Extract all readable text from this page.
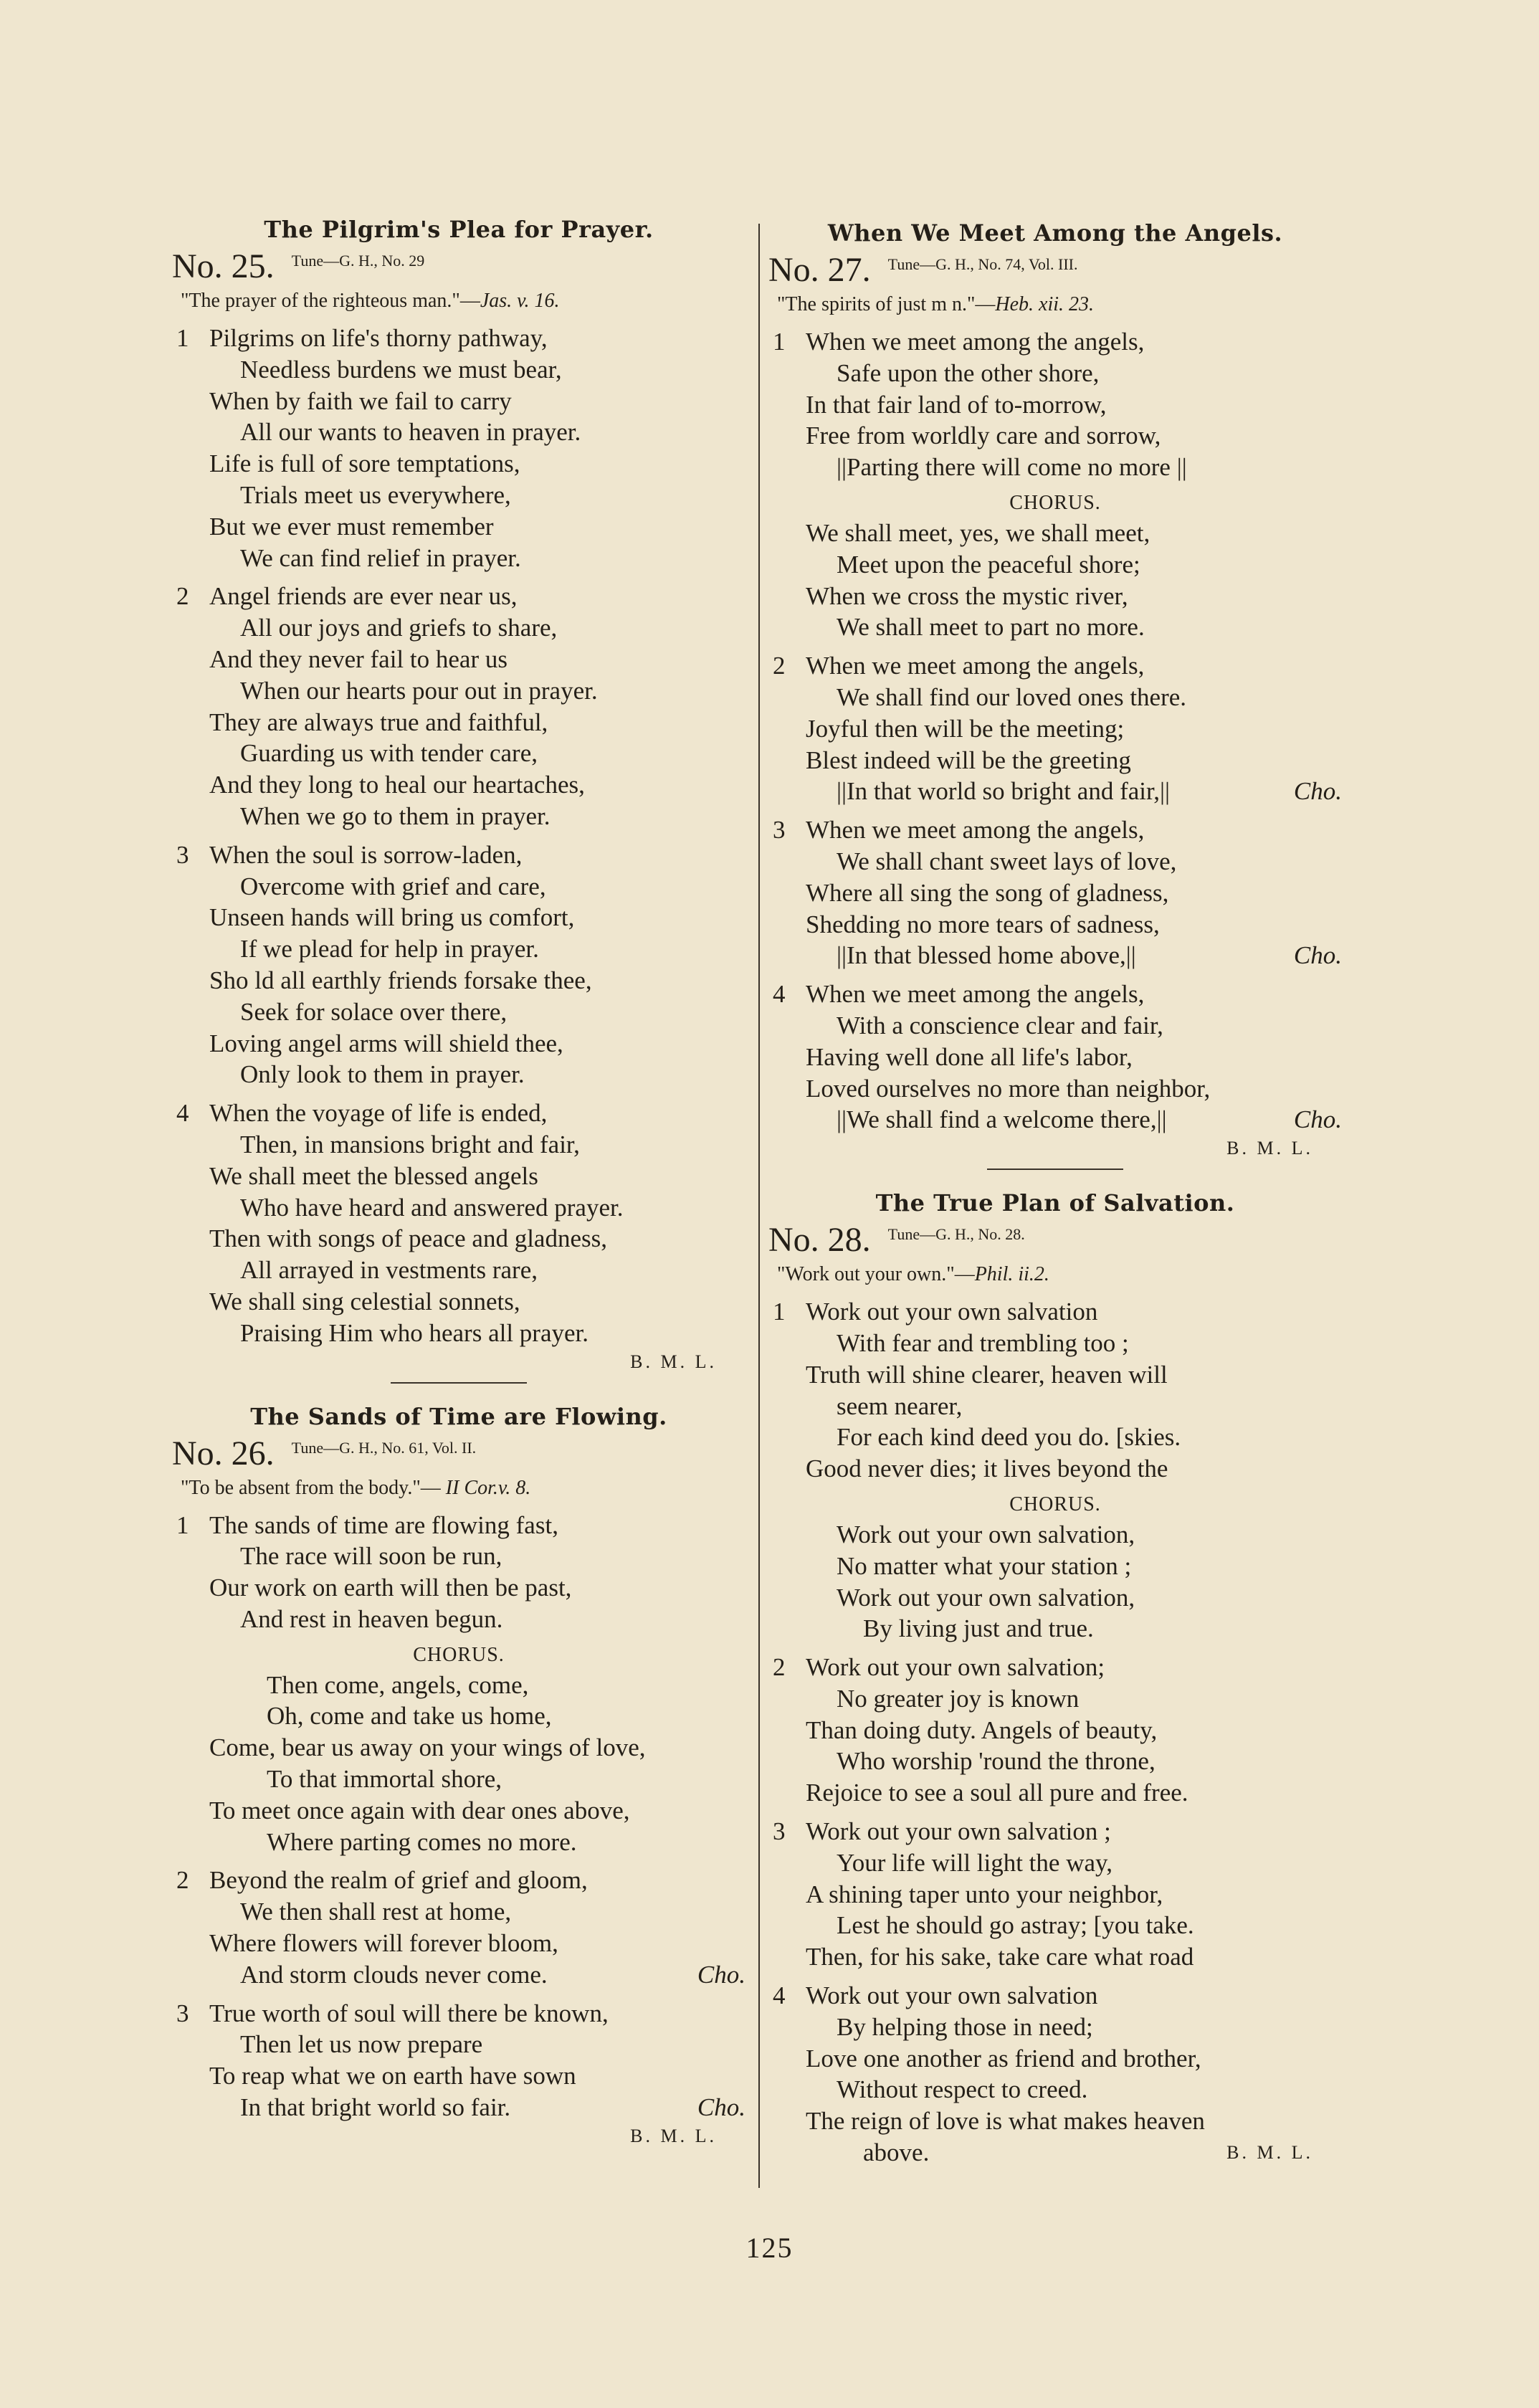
The Pilgrim's Plea for Prayer.
No. 25. Tune—G. H., No. 29
"The prayer of the righteous man."—Jas. v. 16.
1 Pilgrims on life's thorny pathway,
Needless burdens we must bear,
When by faith we fail to carry
All our wants to heaven in prayer.
Life is full of sore temptations,
Trials meet us everywhere,
But we ever must remember
We can find relief in prayer.
2 Angel friends are ever near us,
All our joys and griefs to share,
And they never fail to hear us
When our hearts pour out in prayer.
They are always true and faithful,
Guarding us with tender care,
And they long to heal our heartaches,
When we go to them in prayer.
3 When the soul is sorrow-laden,
Overcome with grief and care,
Unseen hands will bring us comfort,
If we plead for help in prayer.
Sho ld all earthly friends forsake thee,
Seek for solace over there,
Loving angel arms will shield thee,
Only look to them in prayer.
4 When the voyage of life is ended,
Then, in mansions bright and fair,
We shall meet the blessed angels
Who have heard and answered prayer.
Then with songs of peace and gladness,
All arrayed in vestments rare,
We shall sing celestial sonnets,
Praising Him who hears all prayer.
B. M. L.
The Sands of Time are Flowing.
No. 26. Tune—G. H., No. 61, Vol. II.
"To be absent from the body."— II Cor.v. 8.
1 The sands of time are flowing fast,
The race will soon be run,
Our work on earth will then be past,
And rest in heaven begun.
CHORUS.
Then come, angels, come,
Oh, come and take us home,
Come, bear us away on your wings of love,
To that immortal shore,
To meet once again with dear ones above,
Where parting comes no more.
2 Beyond the realm of grief and gloom,
We then shall rest at home,
Where flowers will forever bloom,
And storm clouds never come.	Cho.
3 True worth of soul will there be known,
Then let us now prepare
To reap what we on earth have sown
In that bright world so fair.	Cho.
B. M. L.
When We Meet Among the Angels.
No. 27. Tune—G. H., No. 74, Vol. III.
"The spirits of just m n."—Heb. xii. 23.
1 When we meet among the angels,
Safe upon the other shore,
In that fair land of to-morrow,
Free from worldly care and sorrow,
||Parting there will come no more ||
CHORUS.
We shall meet, yes, we shall meet,
Meet upon the peaceful shore;
When we cross the mystic river,
We shall meet to part no more.
2 When we meet among the angels,
We shall find our loved ones there.
Joyful then will be the meeting;
Blest indeed will be the greeting
||In that world so bright and fair,||	Cho.
3 When we meet among the angels,
We shall chant sweet lays of love,
Where all sing the song of gladness,
Shedding no more tears of sadness,
||In that blessed home above,||	Cho.
4 When we meet among the angels,
With a conscience clear and fair,
Having well done all life's labor,
Loved ourselves no more than neighbor,
||We shall find a welcome there,||	Cho.
B. M. L.
The True Plan of Salvation.
No. 28. Tune—G. H., No. 28.
"Work out your own."—Phil. ii.2.
1 Work out your own salvation
With fear and trembling too ;
Truth will shine clearer, heaven will
seem nearer,
For each kind deed you do. [skies.
Good never dies; it lives beyond the
CHORUS.
Work out your own salvation,
No matter what your station ;
Work out your own salvation,
By living just and true.
2 Work out your own salvation;
No greater joy is known
Than doing duty. Angels of beauty,
Who worship 'round the throne,
Rejoice to see a soul all pure and free.
3 Work out your own salvation ;
Your life will light the way,
A shining taper unto your neighbor,
Lest he should go astray; [you take.
Then, for his sake, take care what road
4 Work out your own salvation
By helping those in need;
Love one another as friend and brother,
Without respect to creed.
The reign of love is what makes heaven
above.	B. M. L.
125
